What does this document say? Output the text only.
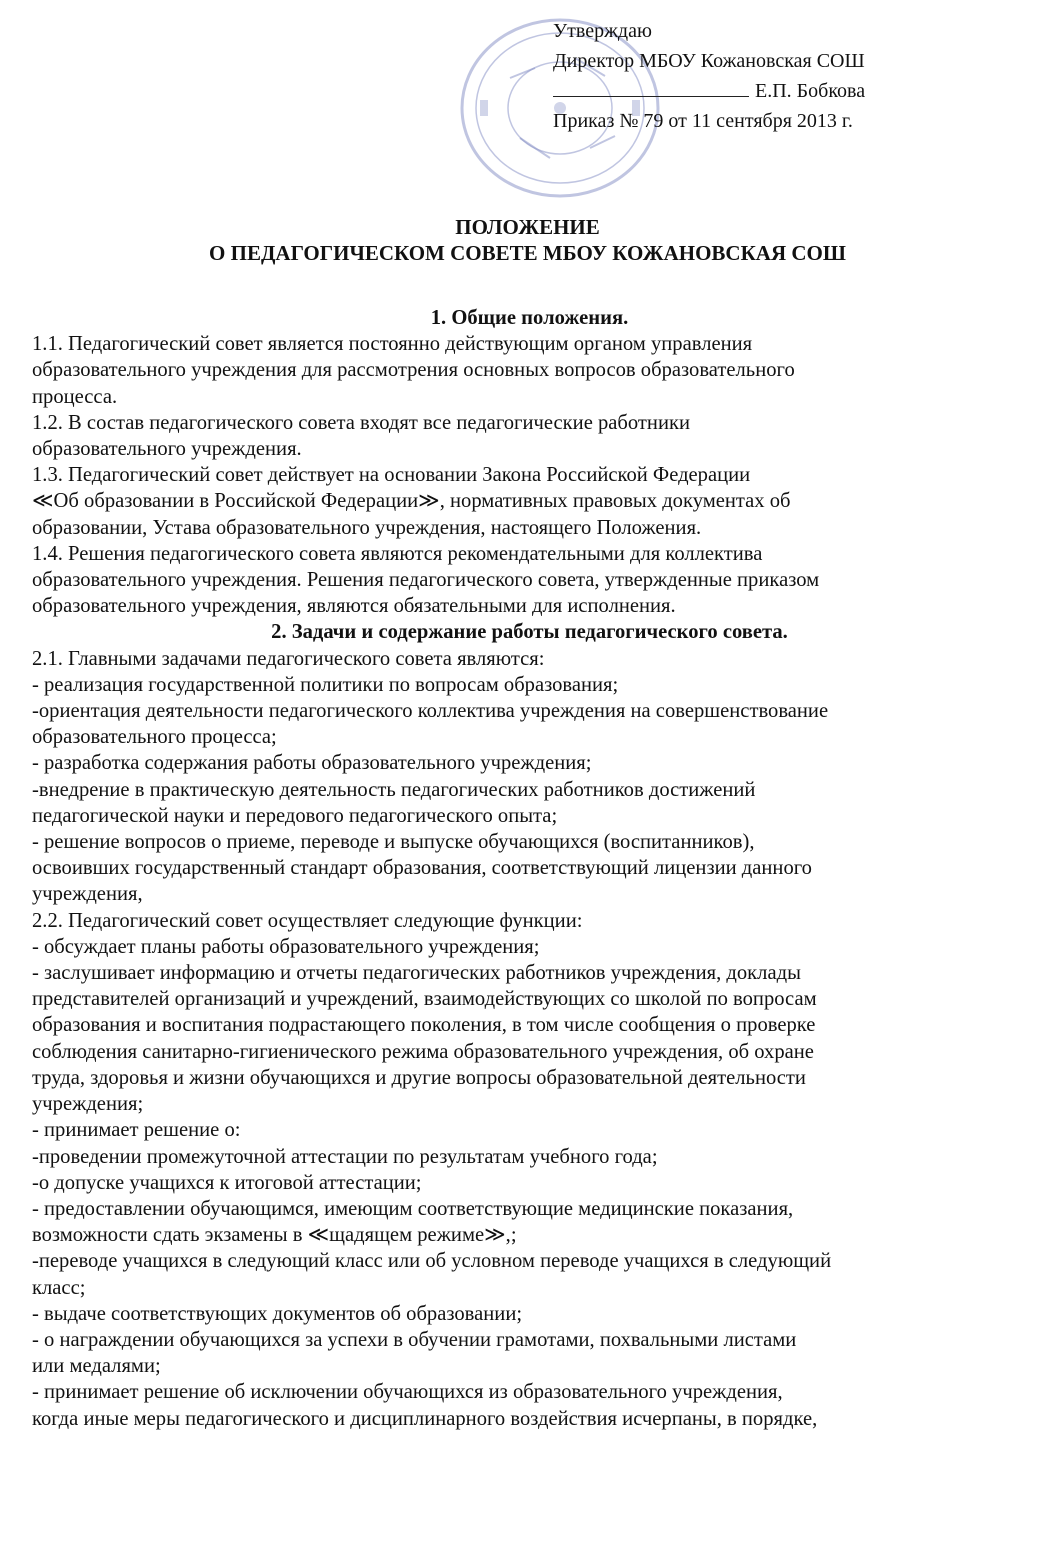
Утверждаю
Директор МБОУ Кожановская СОШ
Е.П. Бобкова
Приказ № 79 от 11 сентября 2013 г.
ПОЛОЖЕНИЕ
О ПЕДАГОГИЧЕСКОМ СОВЕТЕ МБОУ КОЖАНОВСКАЯ СОШ
1. Общие положения.
1.1. Педагогический совет является постоянно действующим органом управления
образовательного учреждения для рассмотрения основных вопросов образовательного
процесса.
1.2. В состав педагогического совета входят все педагогические работники
образовательного учреждения.
1.3. Педагогический совет действует на основании Закона Российской Федерации
≪Об образовании в Российской Федерации≫, нормативных правовых документах об
образовании, Устава образовательного учреждения, настоящего Положения.
1.4. Решения педагогического совета являются рекомендательными для коллектива
образовательного учреждения. Решения педагогического совета, утвержденные приказом
образовательного учреждения, являются обязательными для исполнения.
2. Задачи и содержание работы педагогического совета.
2.1. Главными задачами педагогического совета являются:
- реализация государственной политики по вопросам образования;
-ориентация деятельности педагогического коллектива учреждения на совершенствование
образовательного процесса;
- разработка содержания работы образовательного учреждения;
-внедрение в практическую деятельность педагогических работников достижений
педагогической науки и передового педагогического опыта;
- решение вопросов о приеме, переводе и выпуске обучающихся (воспитанников),
освоивших государственный стандарт образования, соответствующий лицензии данного
учреждения,
2.2. Педагогический совет осуществляет следующие функции:
- обсуждает планы работы образовательного учреждения;
- заслушивает информацию и отчеты педагогических работников учреждения, доклады
представителей организаций и учреждений, взаимодействующих со школой по вопросам
образования и воспитания подрастающего поколения, в том числе сообщения о проверке
соблюдения санитарно-гигиенического режима образовательного учреждения, об охране
труда, здоровья и жизни обучающихся и другие вопросы образовательной деятельности
учреждения;
- принимает решение о:
-проведении промежуточной аттестации по результатам учебного года;
-о допуске учащихся к итоговой аттестации;
- предоставлении обучающимся, имеющим соответствующие медицинские показания,
возможности сдать экзамены в ≪щадящем режиме≫,;
-переводе учащихся в следующий класс или об условном переводе учащихся в следующий
класс;
- выдаче соответствующих документов об образовании;
- о награждении обучающихся за успехи в обучении грамотами, похвальными листами
или медалями;
- принимает решение об исключении обучающихся из образовательного учреждения,
когда иные меры педагогического и дисциплинарного воздействия исчерпаны, в порядке,
